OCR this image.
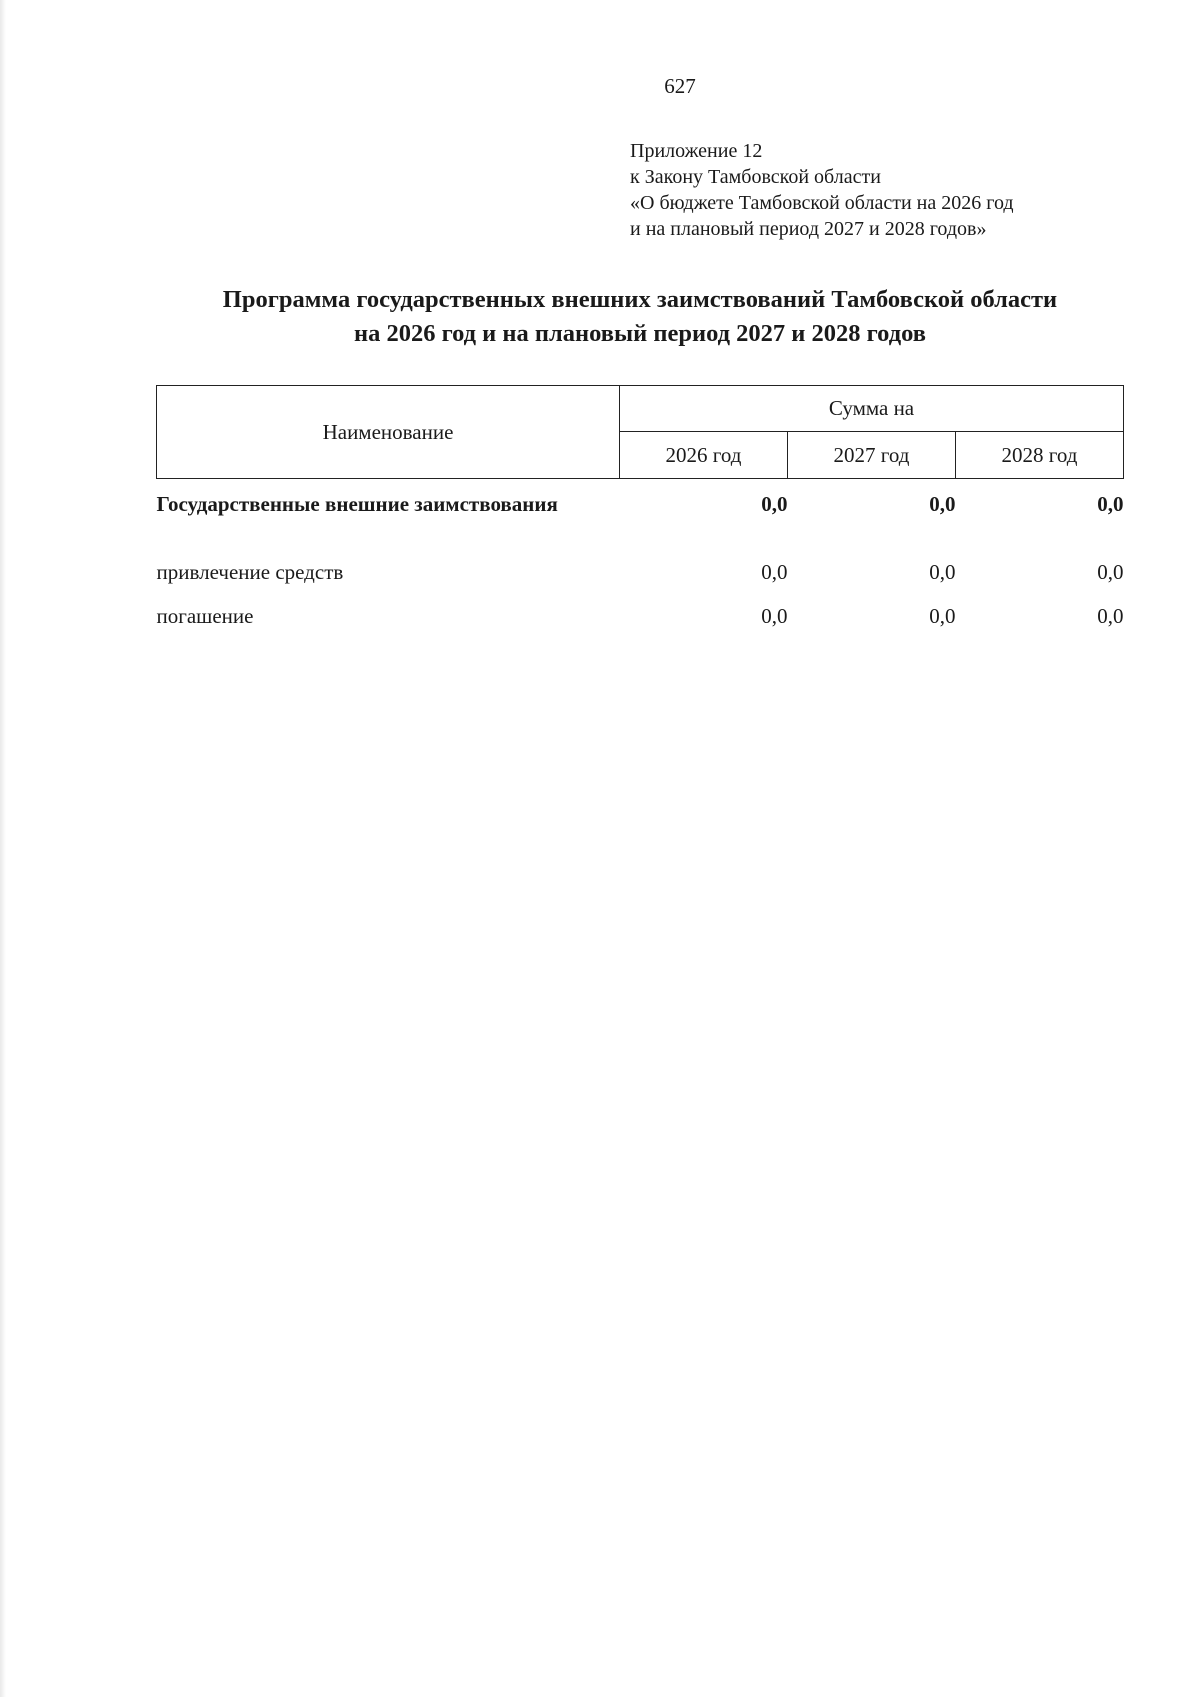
627
Приложение 12
к Закону Тамбовской области
«О бюджете Тамбовской области на 2026 год
и на плановый период 2027 и 2028 годов»
Программа государственных внешних заимствований Тамбовской области
на 2026 год и на плановый период 2027 и 2028 годов
Наименование	Сумма на		
	2026 год	2027 год	2028 год
Государственные внешние заимствования	0,0	0,0	0,0
привлечение средств	0,0	0,0	0,0
погашение	0,0	0,0	0,0
